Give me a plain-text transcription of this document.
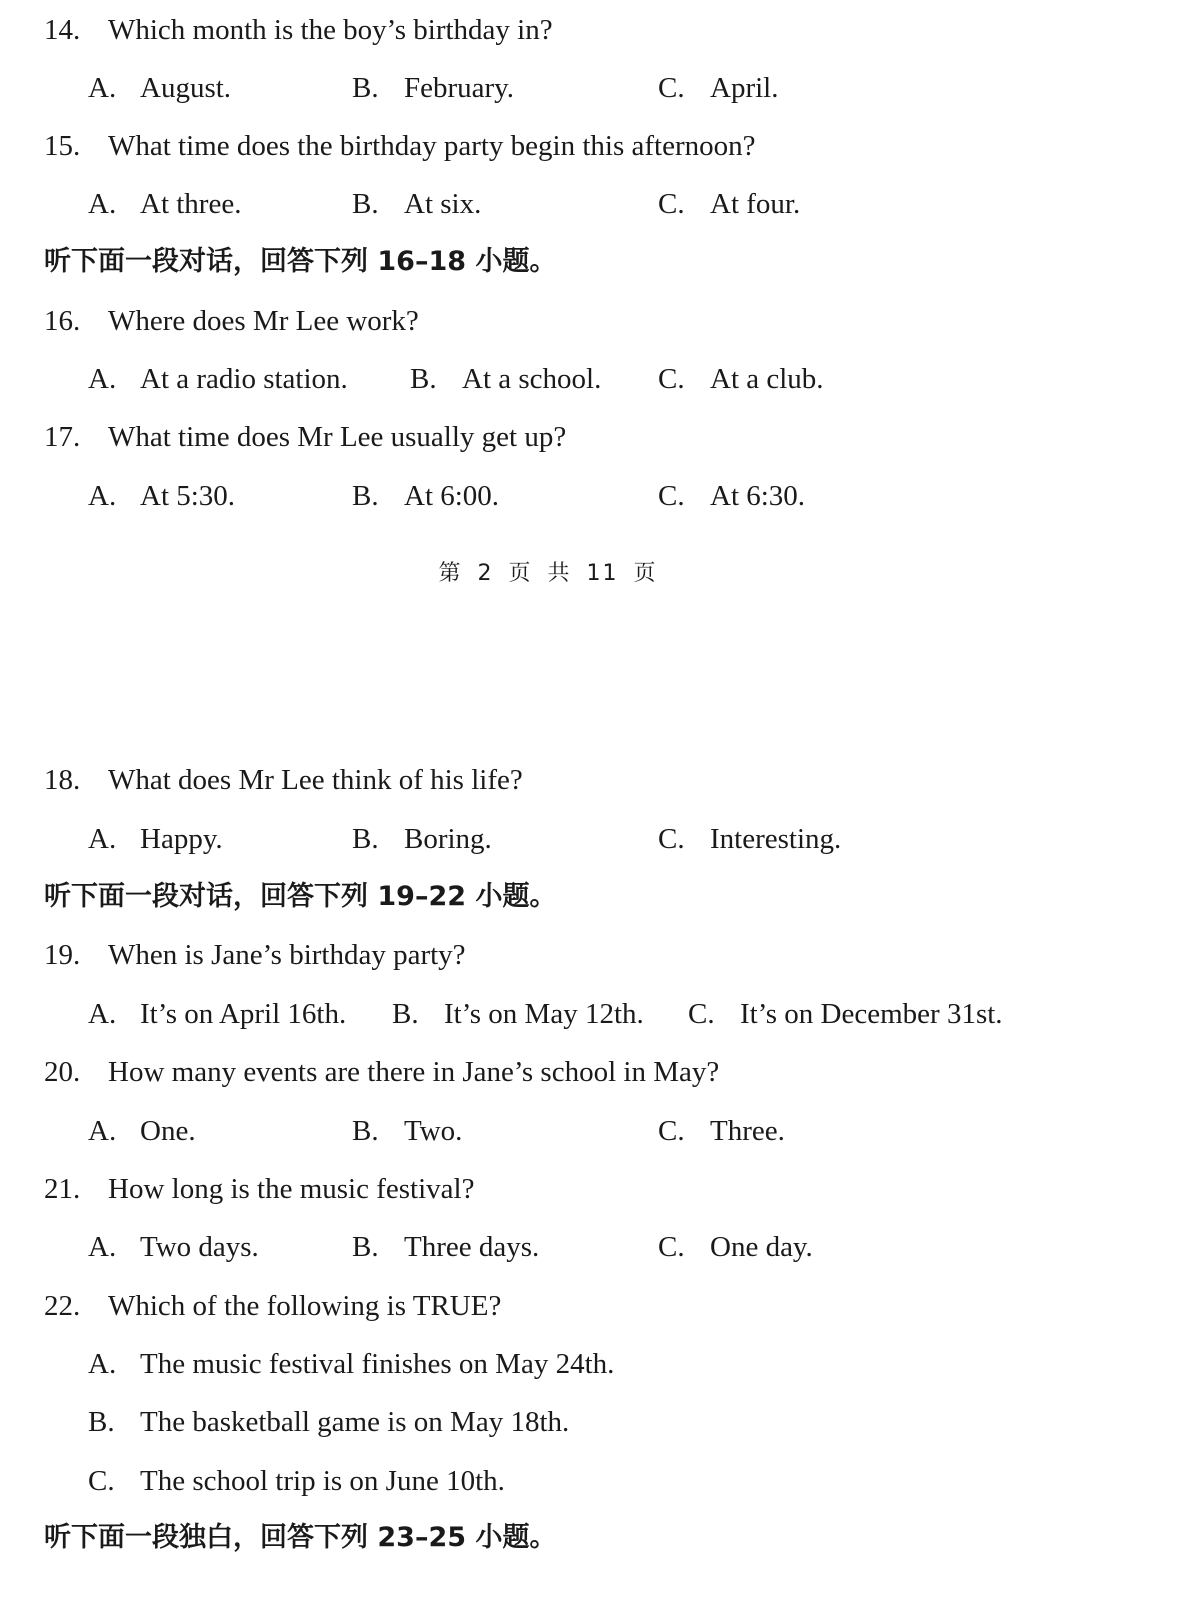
14. Which month is the boy’s birthday in?
A. August.	B. February.	C. April.
15. What time does the birthday party begin this afternoon?
A. At three.	B. At six.	C. At four.
听下面一段对话，回答下列 16–18 小题。
16. Where does Mr Lee work?
A. At a radio station. B. At a school. C. At a club.
17. What time does Mr Lee usually get up?
A. At 5:30.	B. At 6:00.	C. At 6:30.
第 2 页 共 11 页
18. What does Mr Lee think of his life?
A. Happy.	B. Boring.	C. Interesting.
听下面一段对话，回答下列 19–22 小题。
19. When is Jane’s birthday party?
A. It’s on April 16th. B. It’s on May 12th. C. It’s on December 31st.
20. How many events are there in Jane’s school in May?
A. One.	B. Two.	C. Three.
21. How long is the music festival?
A. Two days.	B. Three days.	C. One day.
22. Which of the following is TRUE?
A. The music festival finishes on May 24th.
B. The basketball game is on May 18th.
C. The school trip is on June 10th.
听下面一段独白，回答下列 23–25 小题。
